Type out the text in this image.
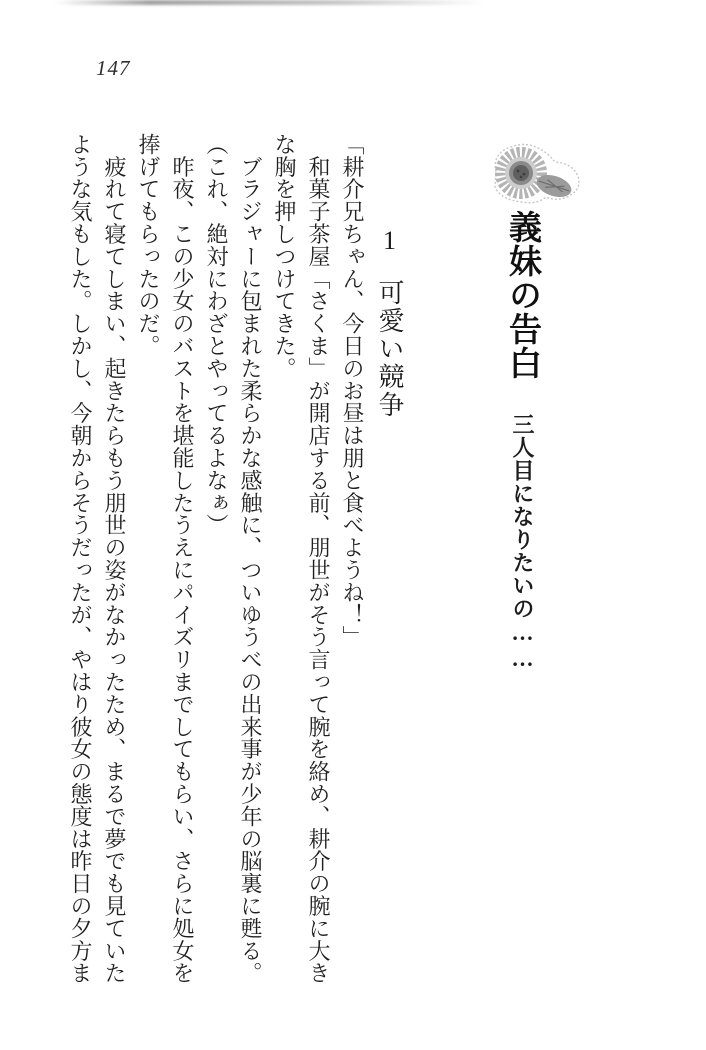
147
義妹の告白 三人目になりたいの……
1可愛い競争

「耕介兄ちゃん、今日のお昼は朋と食べようね！」

　和菓子茶屋「さくま」が開店する前、朋世がそう言って腕を絡め、耕介の腕に大き

な胸を押しつけてきた。

　ブラジャーに包まれた柔らかな感触に、ついゆうべの出来事が少年の脳裏に甦る。

（これ、絶対にわざとやってるよなぁ）

　昨夜、この少女のバストを堪能したうえにパイズリまでしてもらい、さらに処女を

捧げてもらったのだ。

　疲れて寝てしまい、起きたらもう朋世の姿がなかったため、まるで夢でも見ていた

ような気もした。しかし、今朝からそうだったが、やはり彼女の態度は昨日の夕方ま
